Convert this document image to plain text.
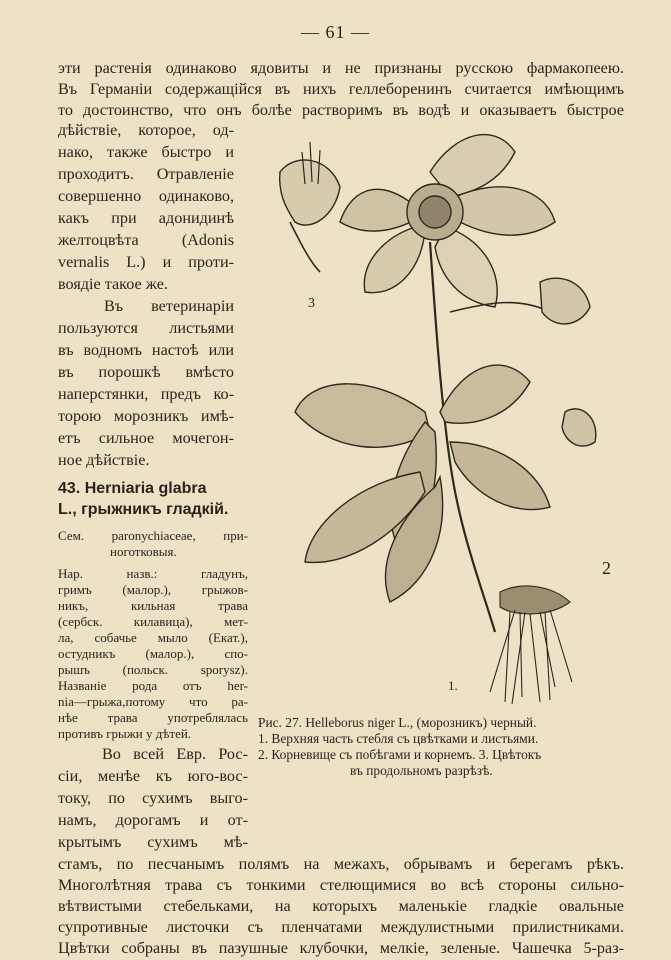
— 61 —
эти растенія одинаково ядовиты и не признаны русскою фармакопеею.
Въ Германіи содержащійся въ нихъ геллеборенинъ считается имѣющимъ
то достоинство, что онъ болѣе растворимъ въ водѣ и оказываетъ быстрое
дѣйствіе, которое, од-
нако, также быстро и
проходитъ. Отравленіе
совершенно одинаково,
какъ при адонидинѣ
желтоцвѣта (Adonis
vernalis L.) и проти-
воядіе такое же.
Въ ветеринаріи
пользуются листьями
въ водномъ настоѣ или
въ порошкѣ вмѣсто
наперстянки, предъ ко-
торою морозникъ имѣ-
етъ сильное мочегон-
ное дѣйствіе.
43. Herniaria glabra
L., грыжникъ гладкій.
Сем. paronychiaceae, при-
ноготковыя.
Нар. назв.: гладунъ,
гримъ (малор.), грыжов-
никъ, кильная трава
(сербск. килавица), мет-
ла, собачье мыло (Екат.),
остудникъ (малор.), спо-
рышъ (польск. sporysz).
Названіе рода отъ her-
nia—грыжа,потому что ра-
нѣе трава употреблялась
противъ грыжи у дѣтей.
Во всей Евр. Рос-
сіи, менѣе къ юго-вос-
току, по сухимъ выго-
намъ, дорогамъ и от-
крытымъ сухимъ мѣ-
стамъ, по песчанымъ полямъ на межахъ, обрывамъ и берегамъ рѣкъ.
Многолѣтняя трава съ тонкими стелющимися во всѣ стороны сильно-
вѣтвистыми стебельками, на которыхъ маленькіе гладкіе овальные
супротивные листочки съ пленчатами междулистными прилистниками.
Цвѣтки собраны въ пазушные клубочки, мелкіе, зеленые. Чашечка 5-раз-
Рис. 27. Helleborus niger L., (морозникъ) черный.
1. Верхняя часть стебля съ цвѣтками и листьями.
2. Корневище съ побѣгами и корнемъ. 3. Цвѣтокъ
въ продольномъ разрѣзѣ.
3
2
1.
